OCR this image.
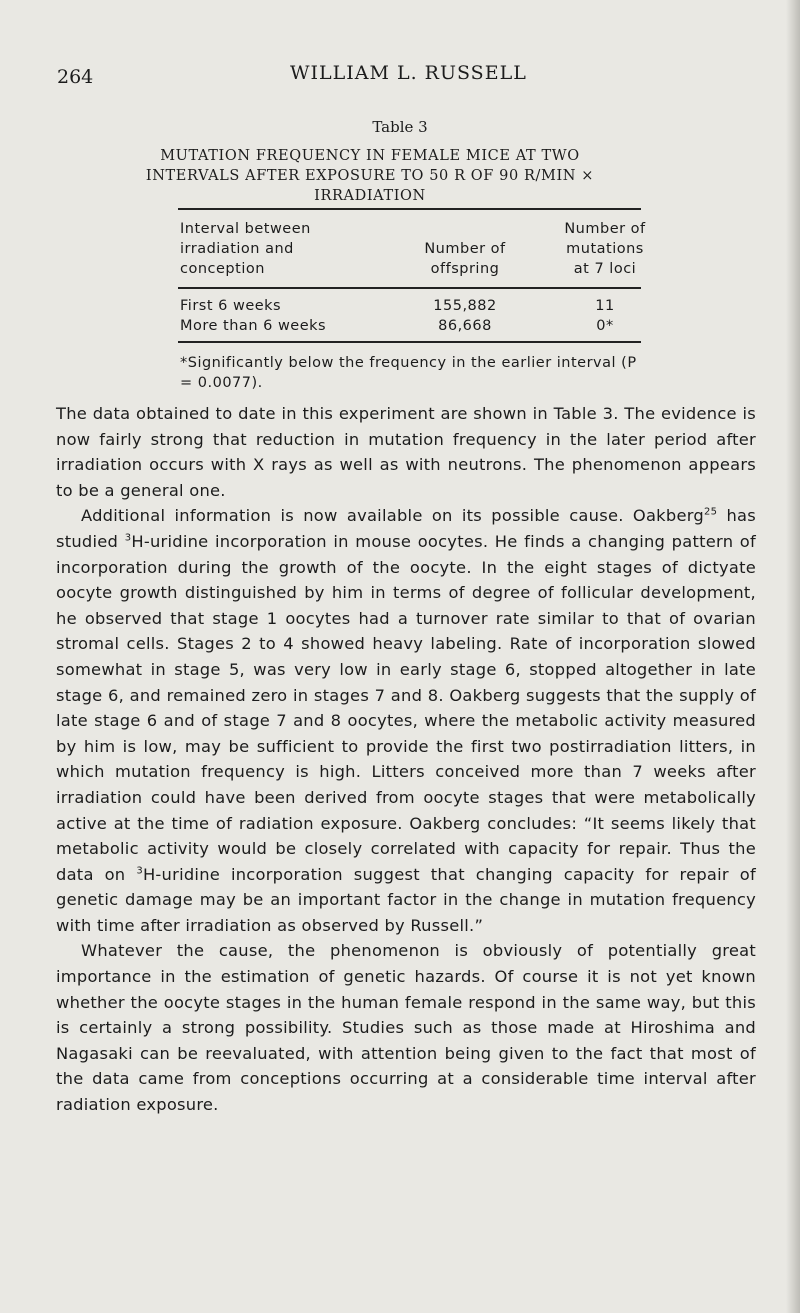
264	WILLIAM L. RUSSELL
Table 3
MUTATION FREQUENCY IN FEMALE MICE AT TWO INTERVALS AFTER EXPOSURE TO 50 R OF 90 R/MIN × IRRADIATION
Interval between
irradiation and
conception
Number of
offspring
Number of
mutations
at 7 loci
First 6 weeks
More than 6 weeks
155,882
86,668
11
0*
*Significantly below the frequency in the earlier interval (P = 0.0077).

The data obtained to date in this experiment are shown in Table 3. The evidence is now fairly strong that reduction in mutation frequency in the later period after irradiation occurs with X rays as well as with neutrons. The phenomenon appears to be a general one.

Additional information is now available on its possible cause. Oakberg$^{25}$ has studied $^3$H-uridine incorporation in mouse oocytes. He finds a changing pattern of incorporation during the growth of the oocyte. In the eight stages of dictyate oocyte growth distinguished by him in terms of degree of follicular development, he observed that stage 1 oocytes had a turnover rate similar to that of ovarian stromal cells. Stages 2 to 4 showed heavy labeling. Rate of incorporation slowed somewhat in stage 5, was very low in early stage 6, stopped altogether in late stage 6, and remained zero in stages 7 and 8. Oakberg suggests that the supply of late stage 6 and of stage 7 and 8 oocytes, where the metabolic activity measured by him is low, may be sufficient to provide the first two postirradiation litters, in which mutation frequency is high. Litters conceived more than 7 weeks after irradiation could have been derived from oocyte stages that were metabolically active at the time of radiation exposure. Oakberg concludes: “It seems likely that metabolic activity would be closely correlated with capacity for repair. Thus the data on $^3$H-uridine incorporation suggest that changing capacity for repair of genetic damage may be an important factor in the change in mutation frequency with time after irradiation as observed by Russell.”

Whatever the cause, the phenomenon is obviously of potentially great importance in the estimation of genetic hazards. Of course it is not yet known whether the oocyte stages in the human female respond in the same way, but this is certainly a strong possibility. Studies such as those made at Hiroshima and Nagasaki can be reevaluated, with attention being given to the fact that most of the data came from conceptions occurring at a considerable time interval after radiation exposure.
